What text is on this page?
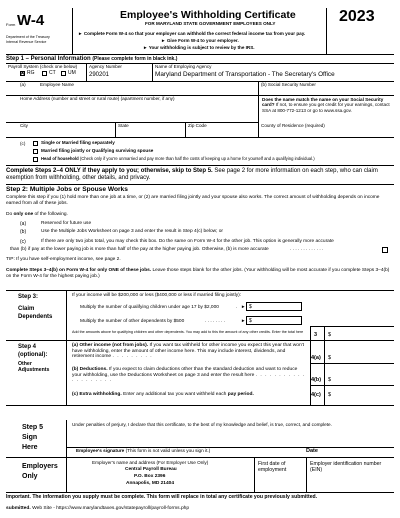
Form W-4
Department of the Treasury
Internal Revenue Service
Employee's Withholding Certificate
FOR MARYLAND STATE GOVERNMENT EMPLOYEES ONLY
► Complete Form W-4 so that your employer can withhold the correct federal income tax from your pay.
► Give Form W-4 to your employer.
► Your withholding is subject to review by the IRS.
2023
Step 1 – Personal Information (Please complete form in black ink.)
Payroll System (check one below)
✕
RG	CT UM
Agency Number
290201
Name of Employing Agency
Maryland Department of Transportation - The Secretary's Office
(a)	Employee Name	(b) Social Security Number
Home Address (number and street or rural route) (apartment number, if any)	Does the name match the name on your Social Security card? If not, to ensure you get credit for your earnings, contact SSA at 800-772-1213 or go to www.ssa.gov.
City	State	Zip Code	County of Residence (required)
(c)	Single or Married filing separately
Married filing jointly or Qualifying surviving spouse
Head of household (Check only if you're unmarried and pay more than half the costs of keeping up a home for yourself and a qualifying individual.)
Complete Steps 2–4 ONLY if they apply to you; otherwise, skip to Step 5. See page 2 for more information on each step, who can claim exemption from withholding, other details, and privacy.
Step 2: Multiple Jobs or Spouse Works
Complete this step if you (1) hold more than one job at a time, or (2) are married filing jointly and your spouse also works. The correct amount of withholding depends on income earned from all of these jobs.
Do only one of the following.
(a)	Reserved for future use
(b)	Use the Multiple Jobs Worksheet on page 3 and enter the result in Step 4(c) below; or
(c)	If there are only two jobs total, you may check this box. Do the same on Form W-4 for the other job. This option is generally more accurate
than (b) if pay at the lower paying job is more than half of the pay at the higher paying job. Otherwise, (b) is more accurate	. . . . . . . . . . . . .
TIP: If you have self-employment income, see page 2.
Complete Steps 3–4(b) on Form W-4 for only ONE of these jobs. Leave those steps blank for the other jobs. (Your withholding will be most accurate if you complete Steps 3–4(b) on the Form W-4 for the highest paying job.)
Step 3:
Claim
Dependents
If your income will be $200,000 or less ($400,000 or less if married filing jointly):
Multiply the number of qualifying children under age 17 by $2,000	.	$
►
Multiply the number of other dependents by $500	. . . . . . . .	$
►
Add the amounts above for qualifying children and other dependents. You may add to this the amount of any other credits. Enter the total here	3 $
Step 4
(optional):
Other
Adjustments
(a) Other income (not from jobs). If you want tax withheld for other income you expect this year that won't have withholding, enter the amount of other income here. This may include interest, dividends, and retirement income . . . . . . . . .	4(a) $
(b) Deductions. If you expect to claim deductions other than the standard deduction and want to reduce your withholding, use the Deductions Worksheet on page 3 and enter the result here . . . . . . . . . . . . . . . . . . . .	4(b) $
(c) Extra withholding. Enter any additional tax you want withheld each pay period.	4(c) $
Step 5
Sign
Here
Under penalties of perjury, I declare that this certificate, to the best of my knowledge and belief, is true, correct, and complete.
Employee's signature (This form is not valid unless you sign it.)	Date
Employers
Only
Employer's name and address (For Employer Use Only)
Central Payroll Bureau
P.O. Box 2396
Annapolis, MD 21404
First date of employment
Employer identification number (EIN)
Important. The information you supply must be complete. This form will replace in total any certificate you previously submitted.
submitted. Web Site - https://www.marylandtaxes.gov/statepayroll/payroll-forms.php
